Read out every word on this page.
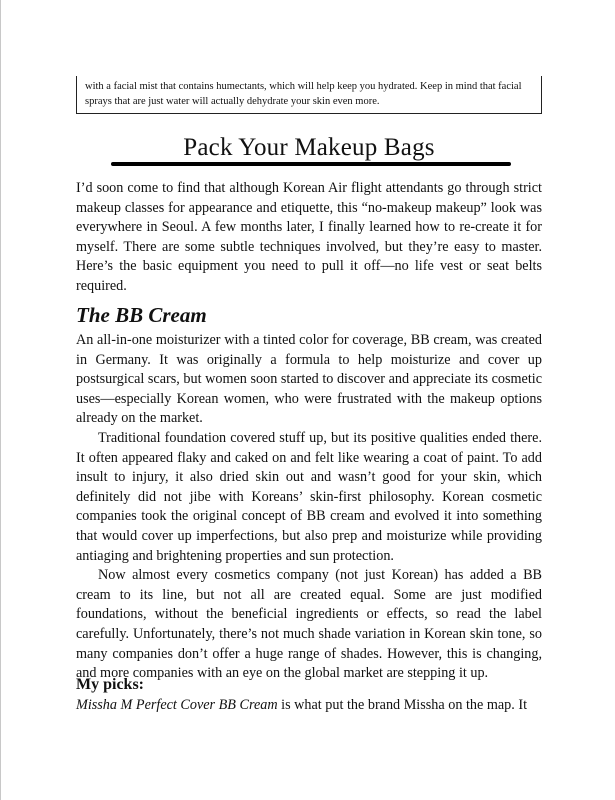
with a facial mist that contains humectants, which will help keep you hydrated. Keep in mind that facial sprays that are just water will actually dehydrate your skin even more.
Pack Your Makeup Bags

I’d soon come to find that although Korean Air flight attendants go through strict makeup classes for appearance and etiquette, this “no-makeup makeup” look was everywhere in Seoul. A few months later, I finally learned how to re-create it for myself. There are some subtle techniques involved, but they’re easy to master. Here’s the basic equipment you need to pull it off—no life vest or seat belts required.

The BB Cream

An all-in-one moisturizer with a tinted color for coverage, BB cream, was created in Germany. It was originally a formula to help moisturize and cover up postsurgical scars, but women soon started to discover and appreciate its cosmetic uses—especially Korean women, who were frustrated with the makeup options already on the market.

Traditional foundation covered stuff up, but its positive qualities ended there. It often appeared flaky and caked on and felt like wearing a coat of paint. To add insult to injury, it also dried skin out and wasn’t good for your skin, which definitely did not jibe with Koreans’ skin-first philosophy. Korean cosmetic companies took the original concept of BB cream and evolved it into something that would cover up imperfections, but also prep and moisturize while providing antiaging and brightening properties and sun protection.

Now almost every cosmetics company (not just Korean) has added a BB cream to its line, but not all are created equal. Some are just modified foundations, without the beneficial ingredients or effects, so read the label carefully. Unfortunately, there’s not much shade variation in Korean skin tone, so many companies don’t offer a huge range of shades. However, this is changing, and more companies with an eye on the global market are stepping it up.

My picks:

Missha M Perfect Cover BB Cream is what put the brand Missha on the map. It
